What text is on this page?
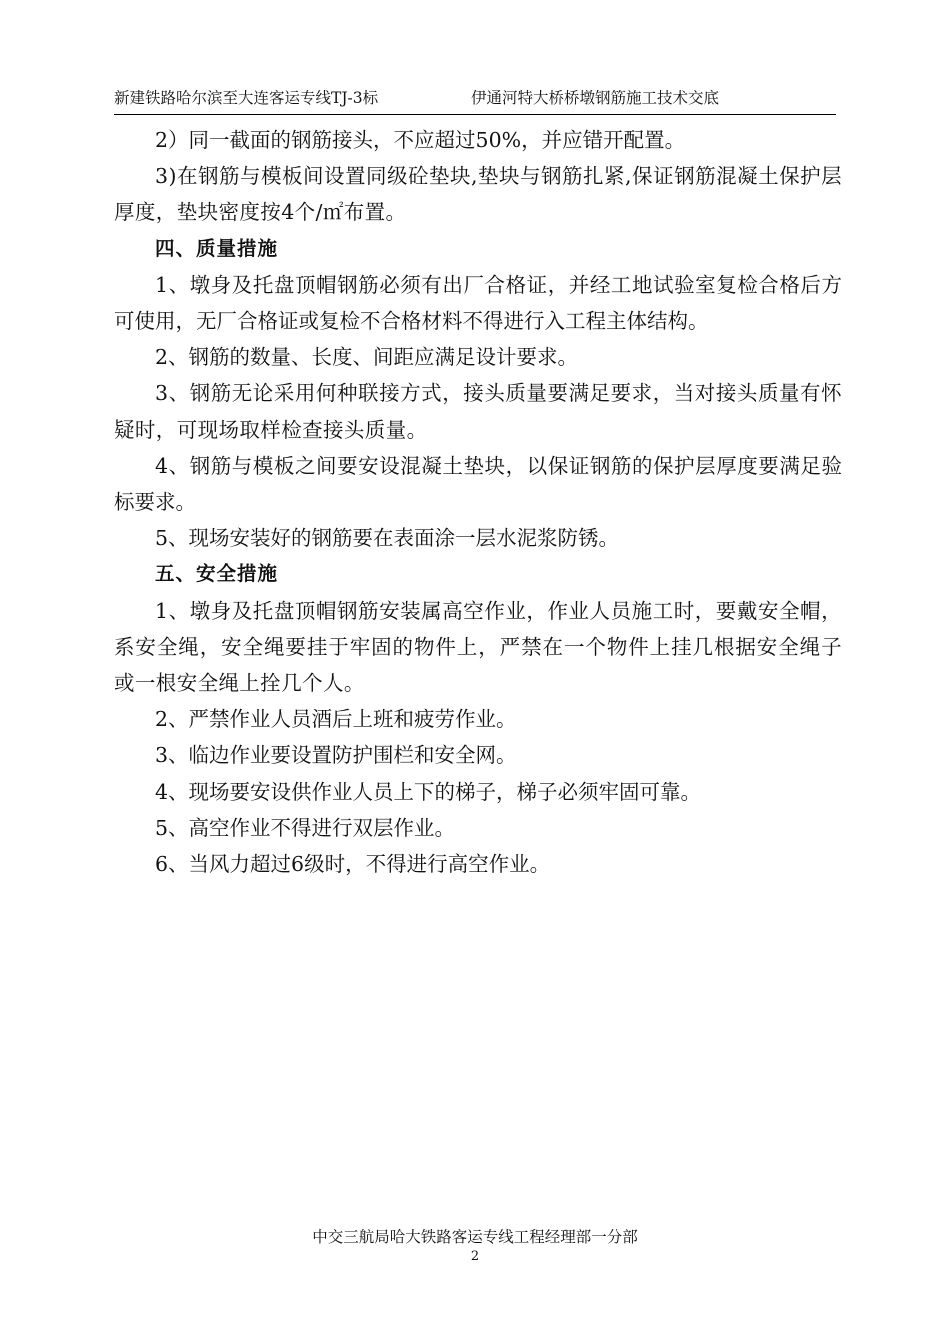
新建铁路哈尔滨至大连客运专线TJ-3标	伊通河特大桥桥墩钢筋施工技术交底

2）同一截面的钢筋接头，不应超过50%，并应错开配置。

3)在钢筋与模板间设置同级砼垫块,垫块与钢筋扎紧,保证钢筋混凝土保护层厚度，垫块密度按4个/㎡布置。

四、质量措施

1、墩身及托盘顶帽钢筋必须有出厂合格证，并经工地试验室复检合格后方可使用，无厂合格证或复检不合格材料不得进行入工程主体结构。

2、钢筋的数量、长度、间距应满足设计要求。

3、钢筋无论采用何种联接方式，接头质量要满足要求，当对接头质量有怀疑时，可现场取样检查接头质量。

4、钢筋与模板之间要安设混凝土垫块，以保证钢筋的保护层厚度要满足验标要求。

5、现场安装好的钢筋要在表面涂一层水泥浆防锈。

五、安全措施

1、墩身及托盘顶帽钢筋安装属高空作业，作业人员施工时，要戴安全帽，系安全绳，安全绳要挂于牢固的物件上，严禁在一个物件上挂几根据安全绳子或一根安全绳上拴几个人。

2、严禁作业人员酒后上班和疲劳作业。

3、临边作业要设置防护围栏和安全网。

4、现场要安设供作业人员上下的梯子，梯子必须牢固可靠。

5、高空作业不得进行双层作业。

6、当风力超过6级时，不得进行高空作业。

中交三航局哈大铁路客运专线工程经理部一分部
2
